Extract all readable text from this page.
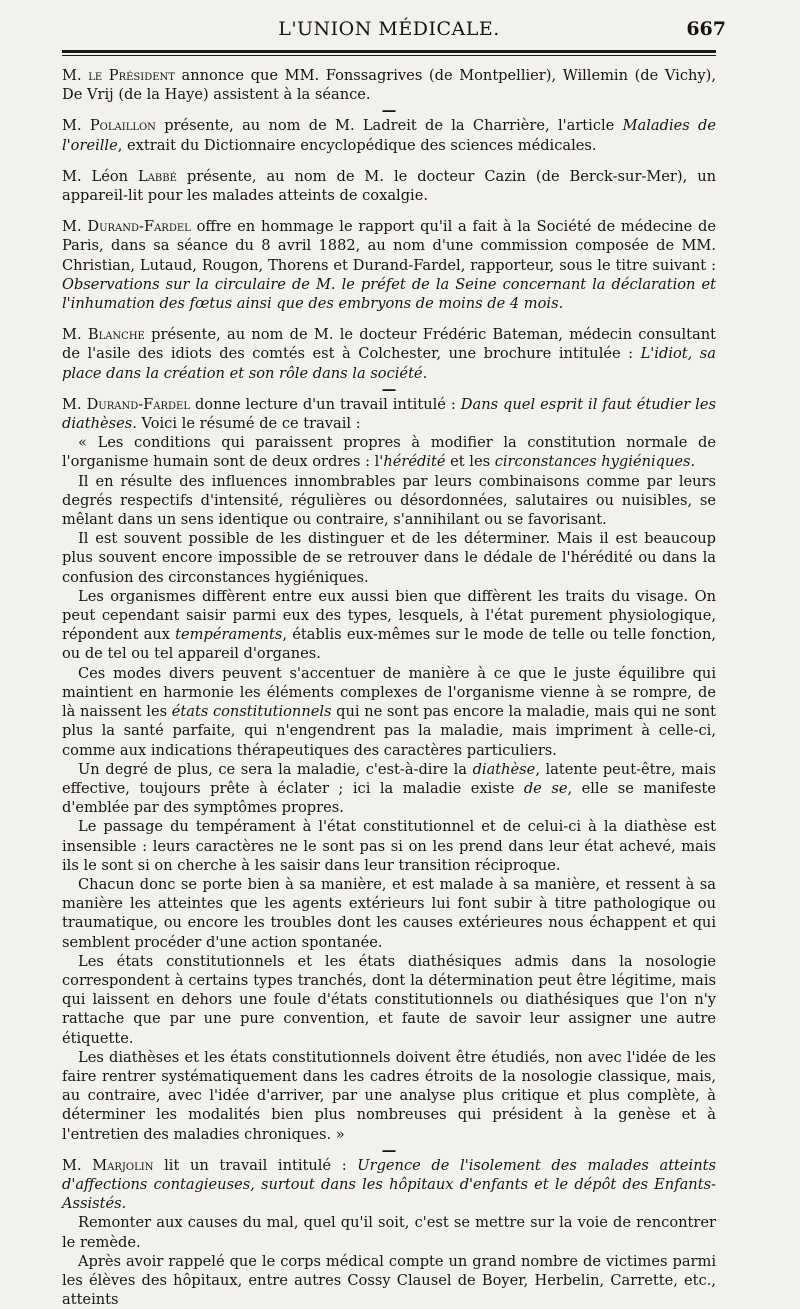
L'UNION MÉDICALE.	667

M. le Président annonce que MM. Fonssagrives (de Montpellier), Willemin (de Vichy), De Vrij (de la Haye) assistent à la séance.

—

M. Polaillon présente, au nom de M. Ladreit de la Charrière, l'article Maladies de l'oreille, extrait du Dictionnaire encyclopédique des sciences médicales.

M. Léon Labbé présente, au nom de M. le docteur Cazin (de Berck-sur-Mer), un appareil-lit pour les malades atteints de coxalgie.

M. Durand-Fardel offre en hommage le rapport qu'il a fait à la Société de médecine de Paris, dans sa séance du 8 avril 1882, au nom d'une commission composée de MM. Christian, Lutaud, Rougon, Thorens et Durand-Fardel, rapporteur, sous le titre suivant : Observations sur la circulaire de M. le préfet de la Seine concernant la déclaration et l'inhumation des fœtus ainsi que des embryons de moins de 4 mois.

M. Blanche présente, au nom de M. le docteur Frédéric Bateman, médecin consultant de l'asile des idiots des comtés est à Colchester, une brochure intitulée : L'idiot, sa place dans la création et son rôle dans la société.

—

M. Durand-Fardel donne lecture d'un travail intitulé : Dans quel esprit il faut étudier les diathèses. Voici le résumé de ce travail :

« Les conditions qui paraissent propres à modifier la constitution normale de l'organisme humain sont de deux ordres : l'hérédité et les circonstances hygiéniques.

Il en résulte des influences innombrables par leurs combinaisons comme par leurs degrés respectifs d'intensité, régulières ou désordonnées, salutaires ou nuisibles, se mêlant dans un sens identique ou contraire, s'annihilant ou se favorisant.

Il est souvent possible de les distinguer et de les déterminer. Mais il est beaucoup plus souvent encore impossible de se retrouver dans le dédale de l'hérédité ou dans la confusion des circonstances hygiéniques.

Les organismes diffèrent entre eux aussi bien que diffèrent les traits du visage. On peut cependant saisir parmi eux des types, lesquels, à l'état purement physiologique, répondent aux tempéraments, établis eux-mêmes sur le mode de telle ou telle fonction, ou de tel ou tel appareil d'organes.

Ces modes divers peuvent s'accentuer de manière à ce que le juste équilibre qui maintient en harmonie les éléments complexes de l'organisme vienne à se rompre, de là naissent les états constitutionnels qui ne sont pas encore la maladie, mais qui ne sont plus la santé parfaite, qui n'engendrent pas la maladie, mais impriment à celle-ci, comme aux indications thérapeutiques des caractères particuliers.

Un degré de plus, ce sera la maladie, c'est-à-dire la diathèse, latente peut-être, mais effective, toujours prête à éclater ; ici la maladie existe de se, elle se manifeste d'emblée par des symptômes propres.

Le passage du tempérament à l'état constitutionnel et de celui-ci à la diathèse est insensible : leurs caractères ne le sont pas si on les prend dans leur état achevé, mais ils le sont si on cherche à les saisir dans leur transition réciproque.

Chacun donc se porte bien à sa manière, et est malade à sa manière, et ressent à sa manière les atteintes que les agents extérieurs lui font subir à titre pathologique ou traumatique, ou encore les troubles dont les causes extérieures nous échappent et qui semblent procéder d'une action spontanée.

Les états constitutionnels et les états diathésiques admis dans la nosologie correspondent à certains types tranchés, dont la détermination peut être légitime, mais qui laissent en dehors une foule d'états constitutionnels ou diathésiques que l'on n'y rattache que par une pure convention, et faute de savoir leur assigner une autre étiquette.

Les diathèses et les états constitutionnels doivent être étudiés, non avec l'idée de les faire rentrer systématiquement dans les cadres étroits de la nosologie classique, mais, au contraire, avec l'idée d'arriver, par une analyse plus critique et plus complète, à déterminer les modalités bien plus nombreuses qui président à la genèse et à l'entretien des maladies chroniques. »

—

M. Marjolin lit un travail intitulé : Urgence de l'isolement des malades atteints d'affections contagieuses, surtout dans les hôpitaux d'enfants et le dépôt des Enfants-Assistés.

Remonter aux causes du mal, quel qu'il soit, c'est se mettre sur la voie de rencontrer le remède.

Après avoir rappelé que le corps médical compte un grand nombre de victimes parmi les élèves des hôpitaux, entre autres Cossy Clausel de Boyer, Herbelin, Carrette, etc., atteints
